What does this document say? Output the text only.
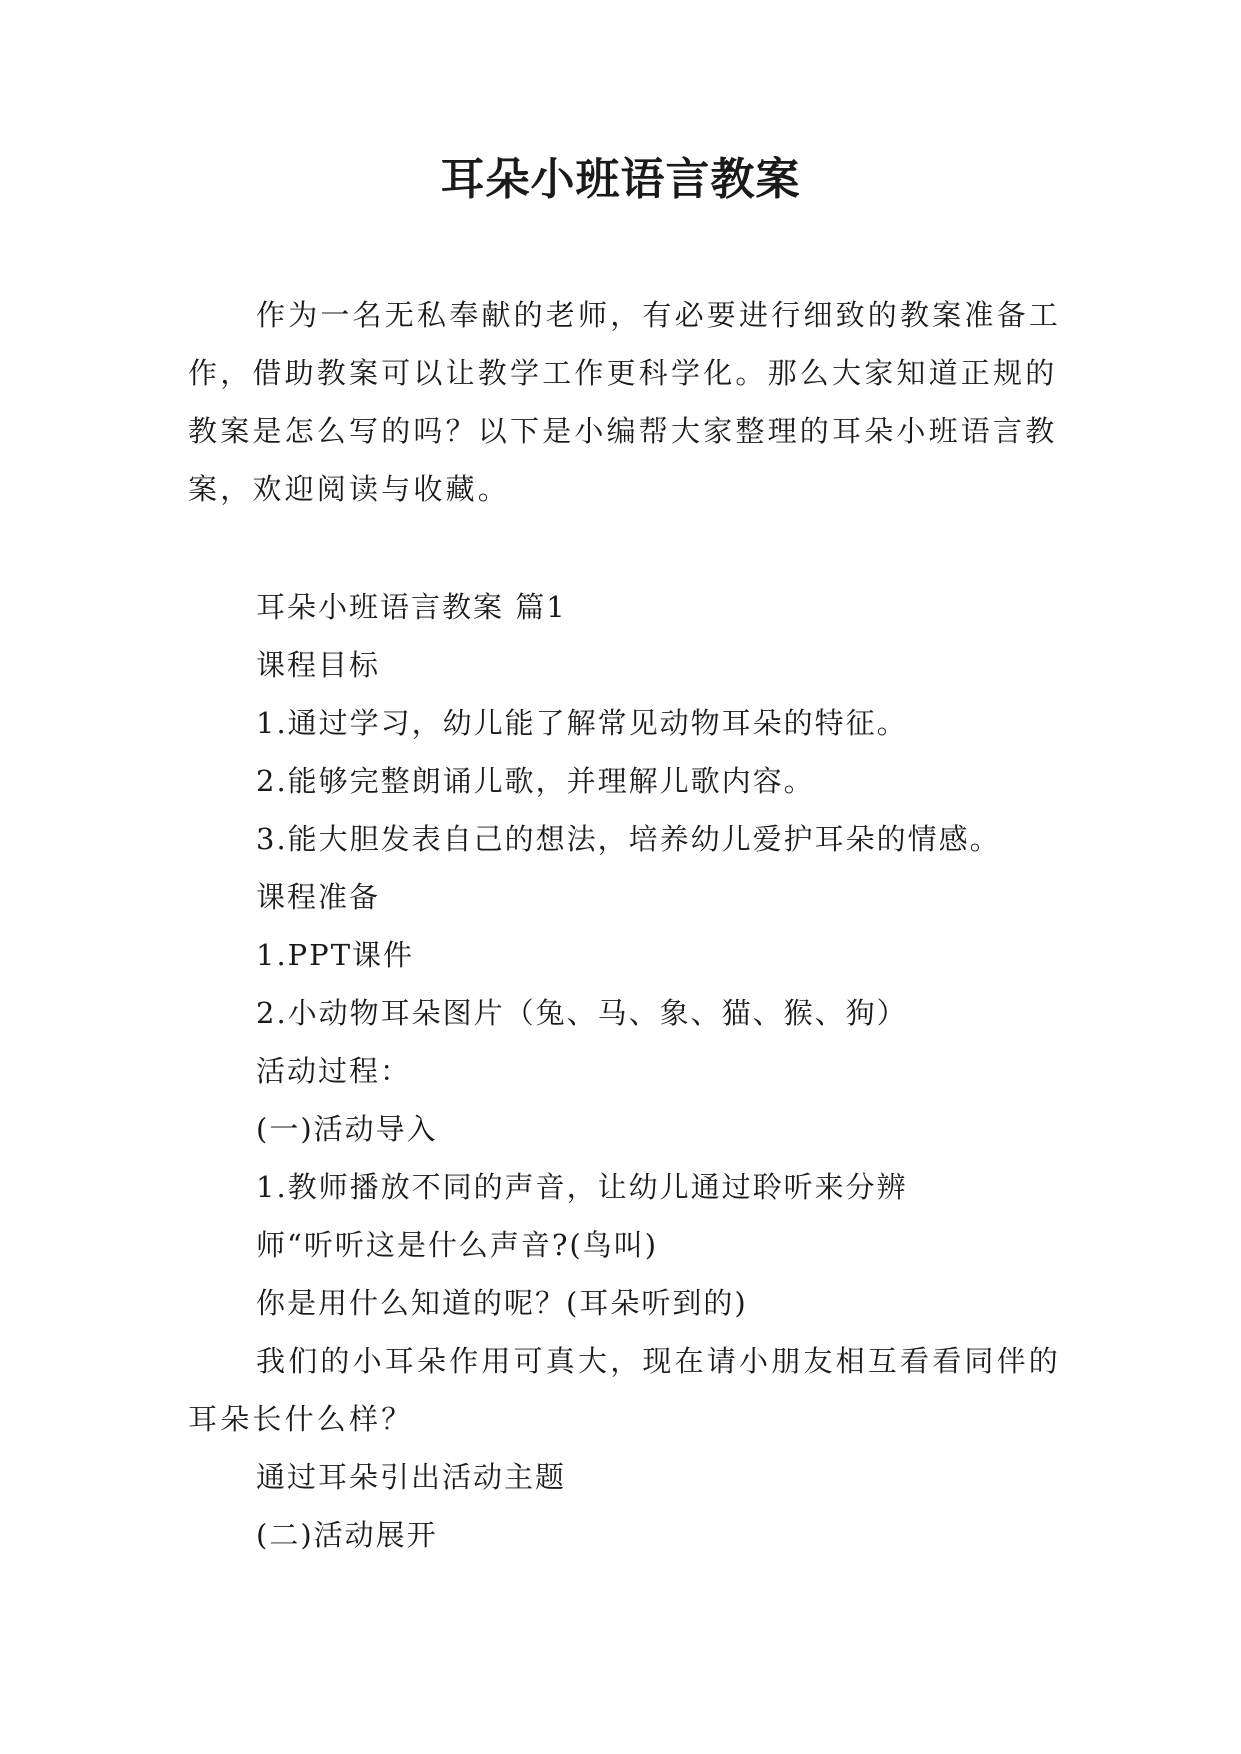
耳朵小班语言教案

作为一名无私奉献的老师，有必要进行细致的教案准备工作，借助教案可以让教学工作更科学化。那么大家知道正规的教案是怎么写的吗？以下是小编帮大家整理的耳朵小班语言教案，欢迎阅读与收藏。

耳朵小班语言教案 篇1

课程目标

1.通过学习，幼儿能了解常见动物耳朵的特征。

2.能够完整朗诵儿歌，并理解儿歌内容。

3.能大胆发表自己的想法，培养幼儿爱护耳朵的情感。

课程准备

1.PPT课件

2.小动物耳朵图片（兔、马、象、猫、猴、狗）

活动过程：

(一)活动导入

1.教师播放不同的声音，让幼儿通过聆听来分辨

师“听听这是什么声音?(鸟叫)

你是用什么知道的呢？(耳朵听到的)

我们的小耳朵作用可真大，现在请小朋友相互看看同伴的耳朵长什么样？

通过耳朵引出活动主题

(二)活动展开
